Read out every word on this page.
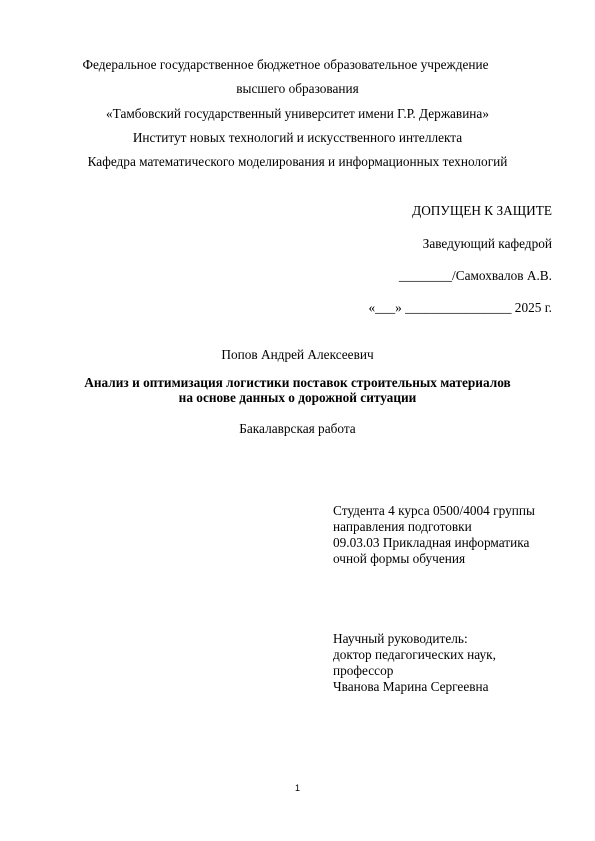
Федеральное государственное бюджетное образовательное учреждение
высшего образования
«Тамбовский государственный университет имени Г.Р. Державина»
Институт новых технологий и искусственного интеллекта
Кафедра математического моделирования и информационных технологий
ДОПУЩЕН К ЗАЩИТЕ
Заведующий кафедрой
________/Самохвалов А.В.
«___» ________________ 2025 г.
Попов Андрей Алексеевич
Анализ и оптимизация логистики поставок строительных материалов
на основе данных о дорожной ситуации
Бакалаврская работа
Студента 4 курса 0500/4004 группы
направления подготовки
09.03.03 Прикладная информатика
очной формы обучения
Научный руководитель:
доктор педагогических наук,
профессор
Чванова Марина Сергеевна
1
